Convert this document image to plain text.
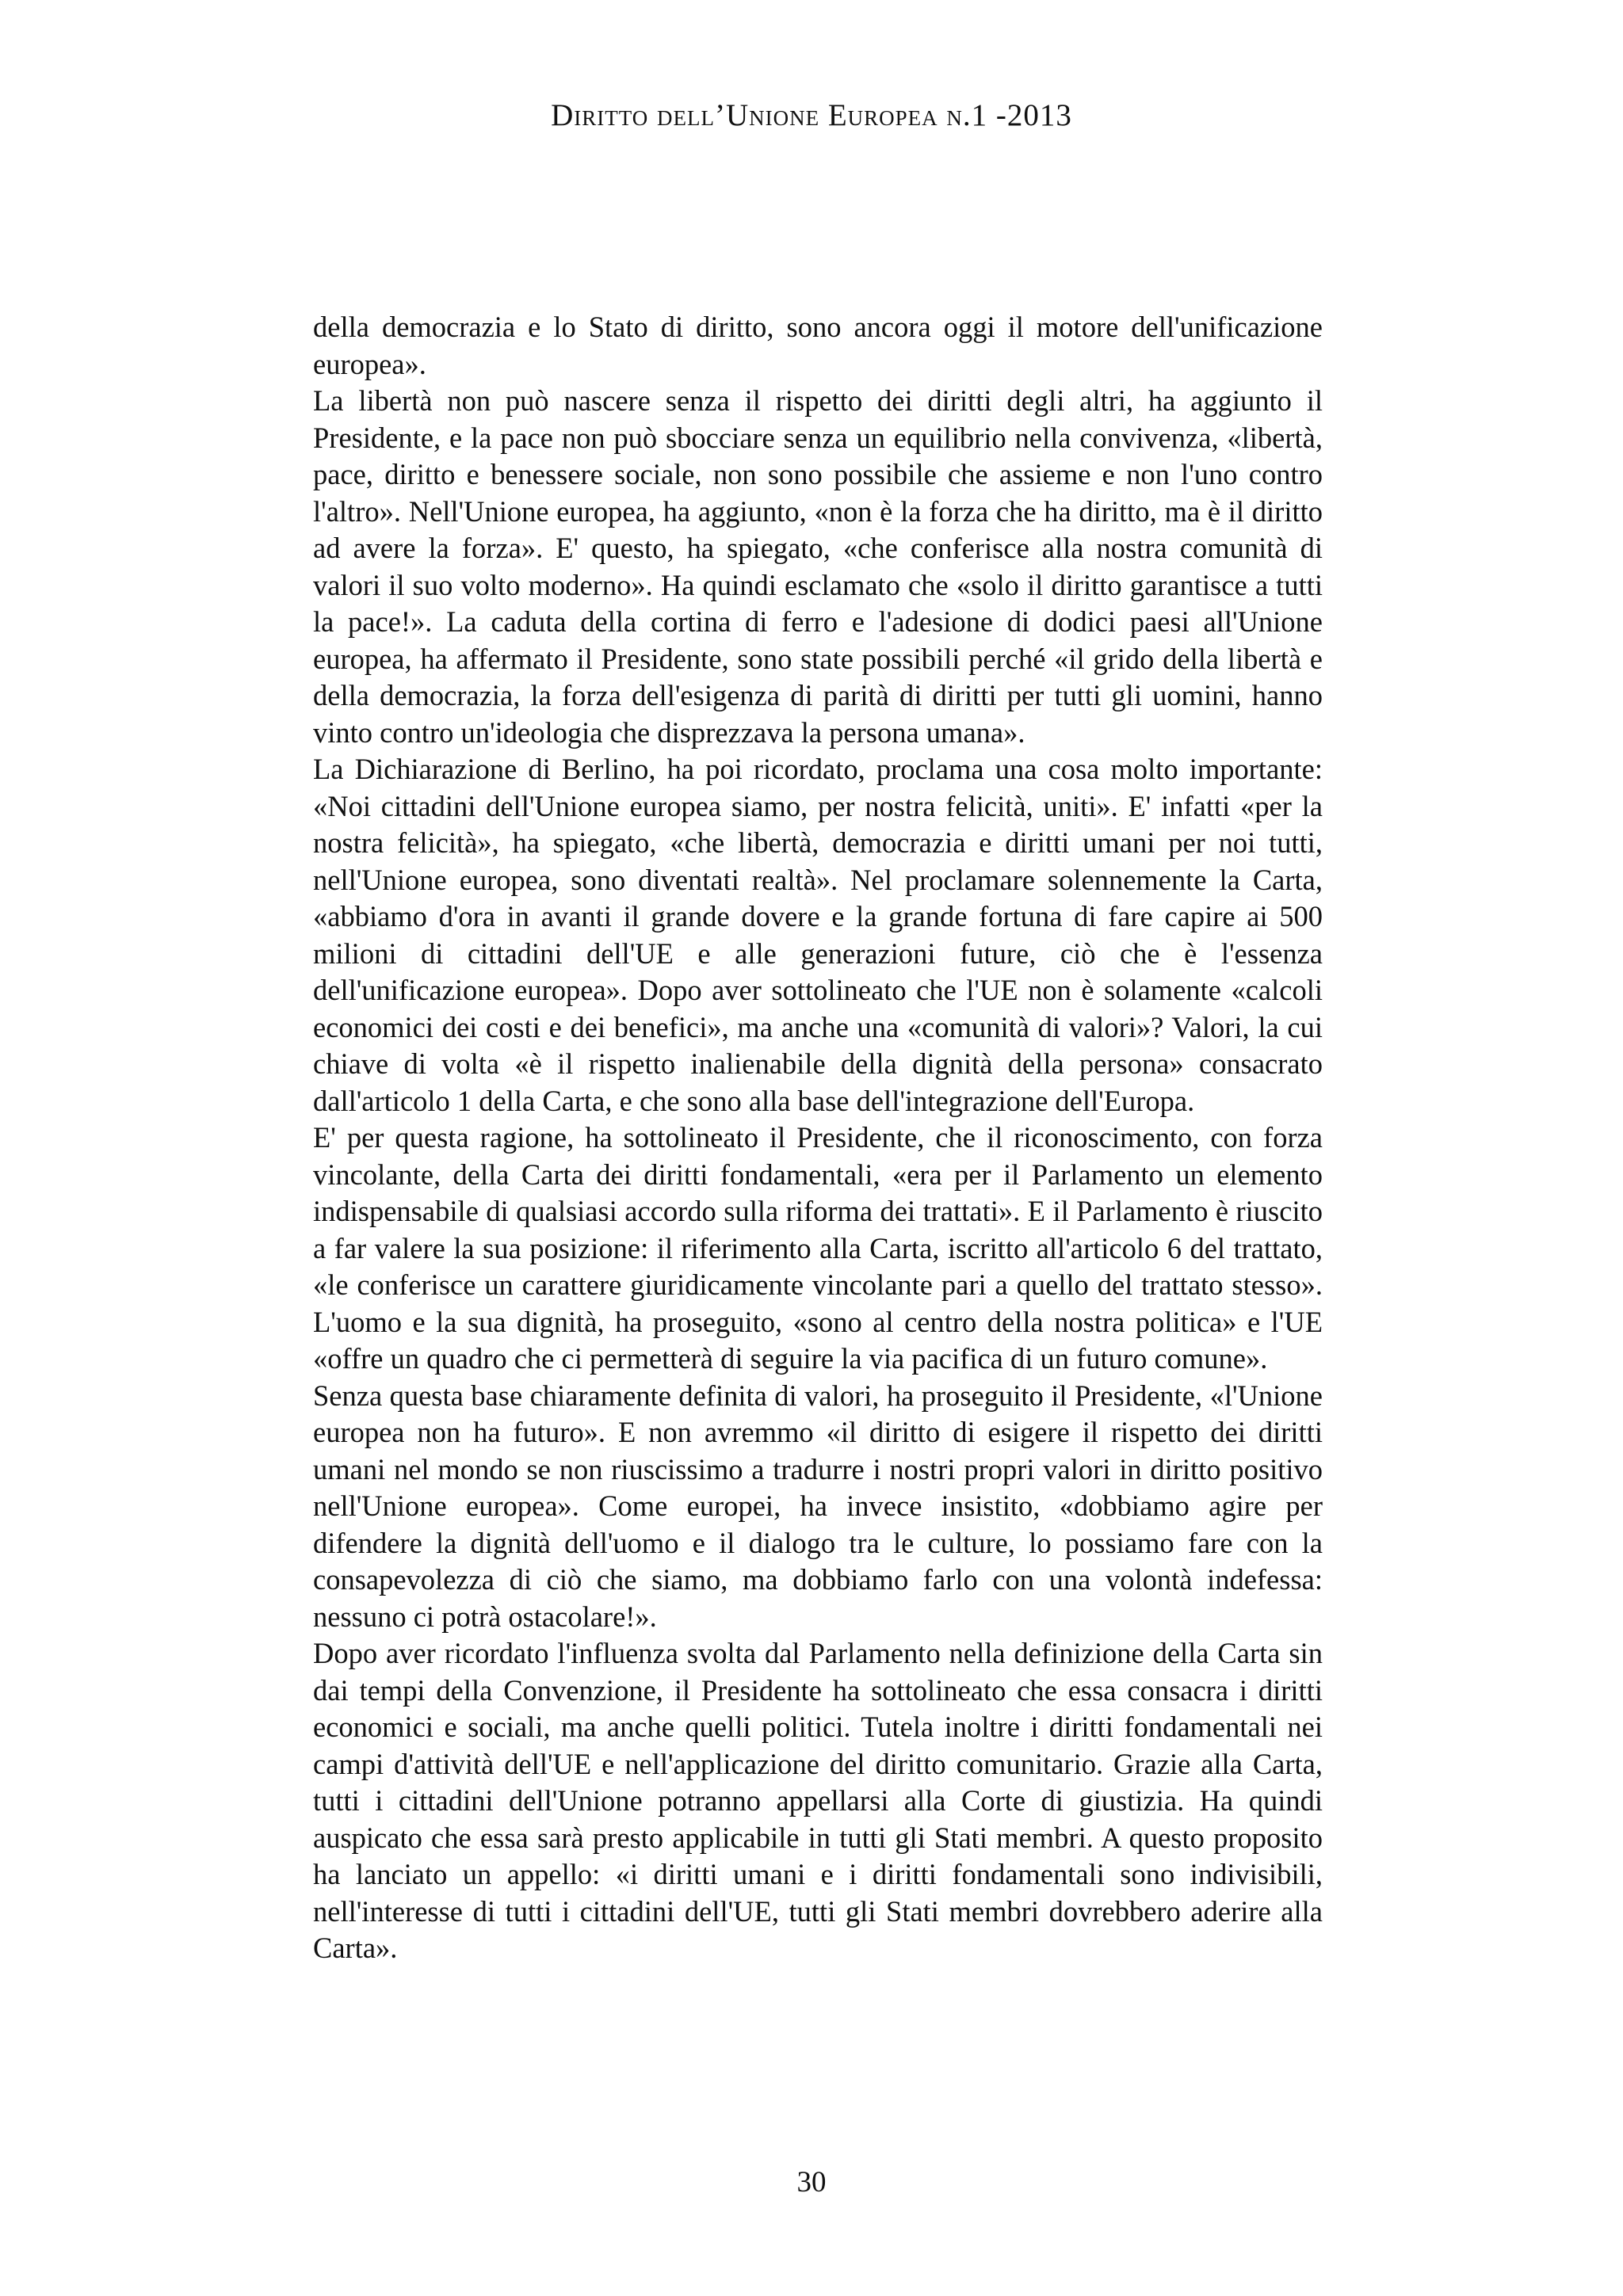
Diritto dell’Unione Europea n.1 -2013

della democrazia e lo Stato di diritto, sono ancora oggi il motore dell'unificazione europea».

La libertà non può nascere senza il rispetto dei diritti degli altri, ha aggiunto il Presidente, e la pace non può sbocciare senza un equilibrio nella convivenza, «libertà, pace, diritto e benessere sociale, non sono possibile che assieme e non l'uno contro l'altro». Nell'Unione europea, ha aggiunto, «non è la forza che ha diritto, ma è il diritto ad avere la forza». E' questo, ha spiegato, «che conferisce alla nostra comunità di valori il suo volto moderno». Ha quindi esclamato che «solo il diritto garantisce a tutti la pace!». La caduta della cortina di ferro e l'adesione di dodici paesi all'Unione europea, ha affermato il Presidente, sono state possibili perché «il grido della libertà e della democrazia, la forza dell'esigenza di parità di diritti per tutti gli uomini, hanno vinto contro un'ideologia che disprezzava la persona umana».

La Dichiarazione di Berlino, ha poi ricordato, proclama una cosa molto importante: «Noi cittadini dell'Unione europea siamo, per nostra felicità, uniti». E' infatti «per la nostra felicità», ha spiegato, «che libertà, democrazia e diritti umani per noi tutti, nell'Unione europea, sono diventati realtà». Nel proclamare solennemente la Carta, «abbiamo d'ora in avanti il grande dovere e la grande fortuna di fare capire ai 500 milioni di cittadini dell'UE e alle generazioni future, ciò che è l'essenza dell'unificazione europea». Dopo aver sottolineato che l'UE non è solamente «calcoli economici dei costi e dei benefici», ma anche una «comunità di valori»? Valori, la cui chiave di volta «è il rispetto inalienabile della dignità della persona» consacrato dall'articolo 1 della Carta, e che sono alla base dell'integrazione dell'Europa.

E' per questa ragione, ha sottolineato il Presidente, che il riconoscimento, con forza vincolante, della Carta dei diritti fondamentali, «era per il Parlamento un elemento indispensabile di qualsiasi accordo sulla riforma dei trattati». E il Parlamento è riuscito a far valere la sua posizione: il riferimento alla Carta, iscritto all'articolo 6 del trattato, «le conferisce un carattere giuridicamente vincolante pari a quello del trattato stesso». L'uomo e la sua dignità, ha proseguito, «sono al centro della nostra politica» e l'UE «offre un quadro che ci permetterà di seguire la via pacifica di un futuro comune».

Senza questa base chiaramente definita di valori, ha proseguito il Presidente, «l'Unione europea non ha futuro». E non avremmo «il diritto di esigere il rispetto dei diritti umani nel mondo se non riuscissimo a tradurre i nostri propri valori in diritto positivo nell'Unione europea». Come europei, ha invece insistito, «dobbiamo agire per difendere la dignità dell'uomo e il dialogo tra le culture, lo possiamo fare con la consapevolezza di ciò che siamo, ma dobbiamo farlo con una volontà indefessa: nessuno ci potrà ostacolare!».

Dopo aver ricordato l'influenza svolta dal Parlamento nella definizione della Carta sin dai tempi della Convenzione, il Presidente ha sottolineato che essa consacra i diritti economici e sociali, ma anche quelli politici. Tutela inoltre i diritti fondamentali nei campi d'attività dell'UE e nell'applicazione del diritto comunitario. Grazie alla Carta, tutti i cittadini dell'Unione potranno appellarsi alla Corte di giustizia. Ha quindi auspicato che essa sarà presto applicabile in tutti gli Stati membri. A questo proposito ha lanciato un appello: «i diritti umani e i diritti fondamentali sono indivisibili, nell'interesse di tutti i cittadini dell'UE, tutti gli Stati membri dovrebbero aderire alla Carta».

30
